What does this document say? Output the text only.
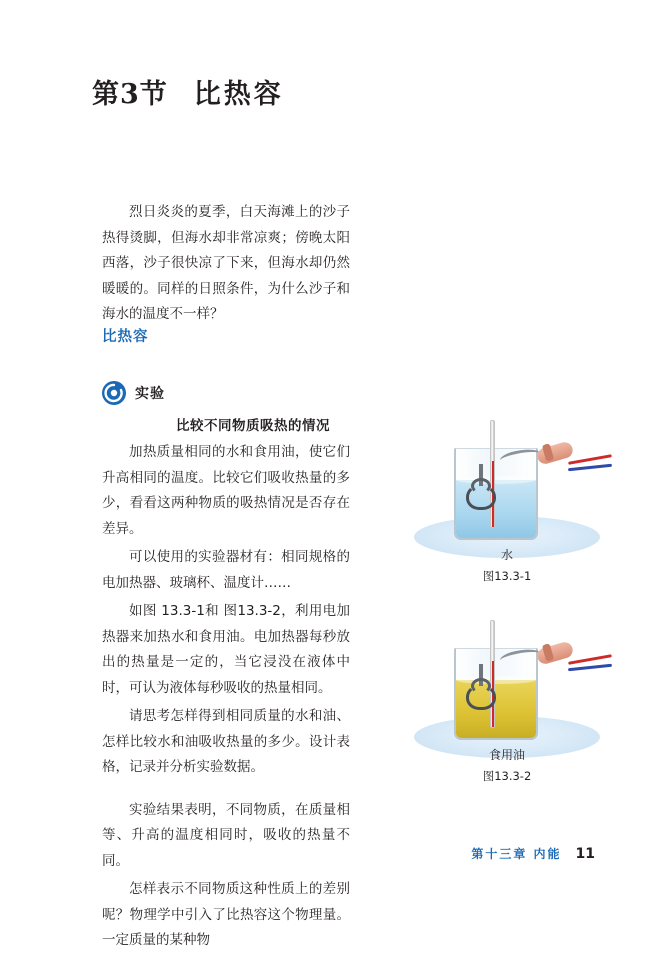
第3节 比热容
烈日炎炎的夏季，白天海滩上的沙子热得烫脚，但海水却非常凉爽；傍晚太阳西落，沙子很快凉了下来，但海水却仍然暖暖的。同样的日照条件，为什么沙子和海水的温度不一样？
比热容
实验
比较不同物质吸热的情况

加热质量相同的水和食用油，使它们升高相同的温度。比较它们吸收热量的多少，看看这两种物质的吸热情况是否存在差异。

可以使用的实验器材有：相同规格的电加热器、玻璃杯、温度计……

如图 13.3-1和 图13.3-2，利用电加热器来加热水和食用油。电加热器每秒放出的热量是一定的，当它浸没在液体中时，可认为液体每秒吸收的热量相同。

请思考怎样得到相同质量的水和油、怎样比较水和油吸收热量的多少。设计表格，记录并分析实验数据。

实验结果表明，不同物质，在质量相等、升高的温度相同时，吸收的热量不同。

怎样表示不同物质这种性质上的差别呢？物理学中引入了比热容这个物理量。一定质量的某种物

水
图13.3-1
食用油
图13.3-2
第十三章 内能 11
